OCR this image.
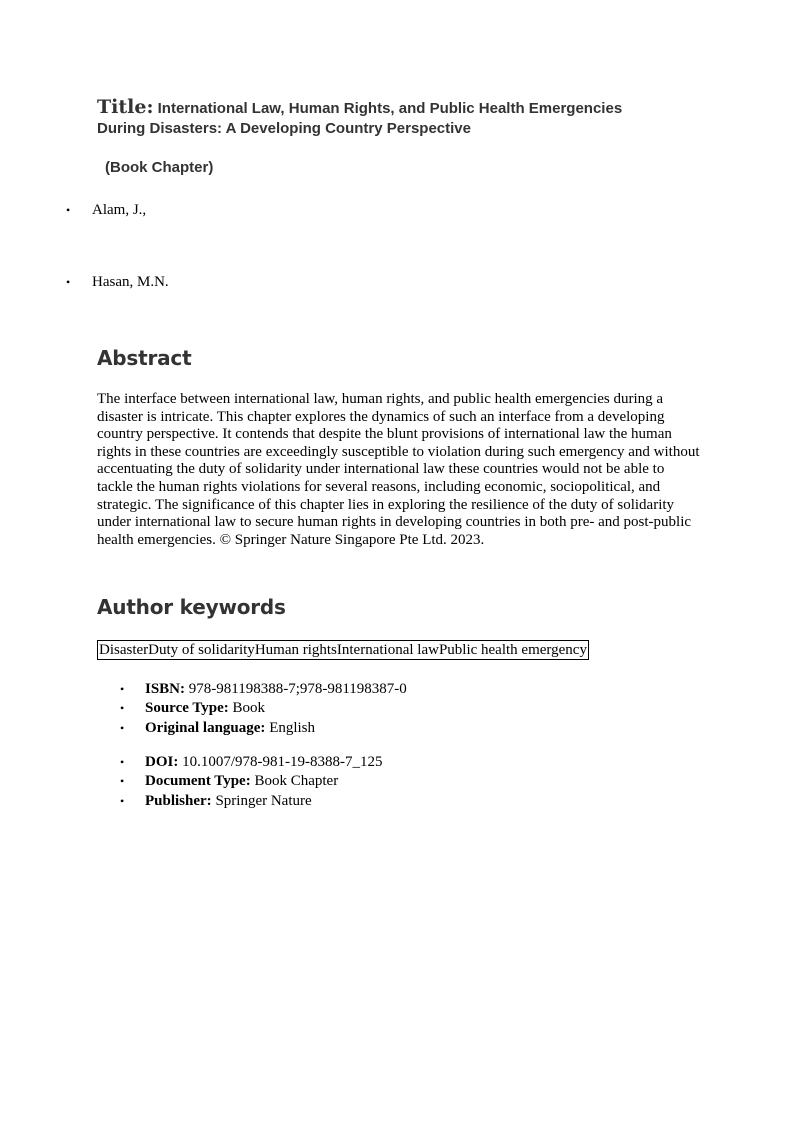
Title: International Law, Human Rights, and Public Health Emergencies
During Disasters: A Developing Country Perspective
(Book Chapter)
• Alam, J.,
• Hasan, M.N.
Abstract

The interface between international law, human rights, and public health emergencies during a disaster is intricate. This chapter explores the dynamics of such an interface from a developing country perspective. It contends that despite the blunt provisions of international law the human rights in these countries are exceedingly susceptible to violation during such emergency and without accentuating the duty of solidarity under international law these countries would not be able to tackle the human rights violations for several reasons, including economic, sociopolitical, and strategic. The significance of this chapter lies in exploring the resilience of the duty of solidarity under international law to secure human rights in developing countries in both pre- and post-public health emergencies. © Springer Nature Singapore Pte Ltd. 2023.

Author keywords
DisasterDuty of solidarityHuman rightsInternational lawPublic health emergency
• ISBN: 978-981198388-7;978-981198387-0
• Source Type: Book
• Original language: English
• DOI: 10.1007/978-981-19-8388-7_125
• Document Type: Book Chapter
• Publisher: Springer Nature
